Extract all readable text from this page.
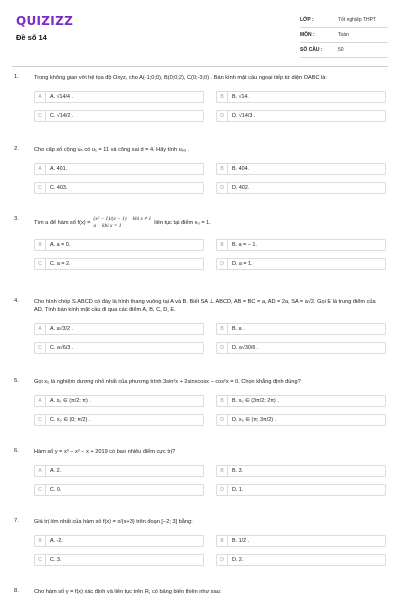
QUIZIZZ
Đề số 14
LỚP :	Tốt nghiệp THPT
MÔN :	Toán
SỐ CÂU :	50
1.	Trong không gian với hệ tọa độ Oxyz, cho A(-1;0;0), B(0;0;2), C(0;-3;0) . Bán kính mặt cầu ngoại tiếp tứ diện OABC là:
A	A. √14/4 .	B	B. √14 .
C	C. √14/2 .	D	D. √14/3 .
2.	Cho cấp số cộng uₙ có u₁ = 11 và công sai d = 4. Hãy tính u₉₉ .
A	A. 401.	B	B. 404.
C	C. 403.	D	D. 402.
3.
Tìm a để hàm số f(x) =
(x² − 1)/(x − 1) khi x ≠ 1
a khi x = 1	liên tục tại điểm x₀ = 1.
A	A. a = 0.	B	B. a = − 1.
C	C. a = 2.	D	D. a = 1.
4.	Cho hình chóp S.ABCD có đáy là hình thang vuông tại A và B. Biết SA ⊥ ABCD, AB = BC = a, AD = 2a, SA = a√2. Gọi E là trung điểm của AD. Tính bán kính mặt cầu đi qua các điểm A, B, C, D, E.
A	A. a√3/2 .	B	B. a .
C	C. a√6/3 .	D	D. a√30/6 .
5.	Gọi x₀ là nghiệm dương nhỏ nhất của phương trình 3sin²x + 2sinxcosx − cos²x = 0. Chọn khẳng định đúng?
A	A. x₀ ∈ (π/2; π) .	B	B. x₀ ∈ (3π/2; 2π) .
C	C. x₀ ∈ (0; π/2) .	D	D. x₀ ∈ (π; 3π/2) .
6.	Hàm số y = x³ − x² − x + 2019 có bao nhiêu điểm cực trị?
A	A. 2.	B	B. 3.
C	C. 0.	D	D. 1.
7.	Giá trị lớn nhất của hàm số f(x) = x/(x+3) trên đoạn [−2; 3] bằng:
A	A. -2.	B	B. 1/2 .
C	C. 3.	D	D. 2.
8.	Cho hàm số y = f(x) xác định và liên tục trên R, có bảng biến thiên như sau:
